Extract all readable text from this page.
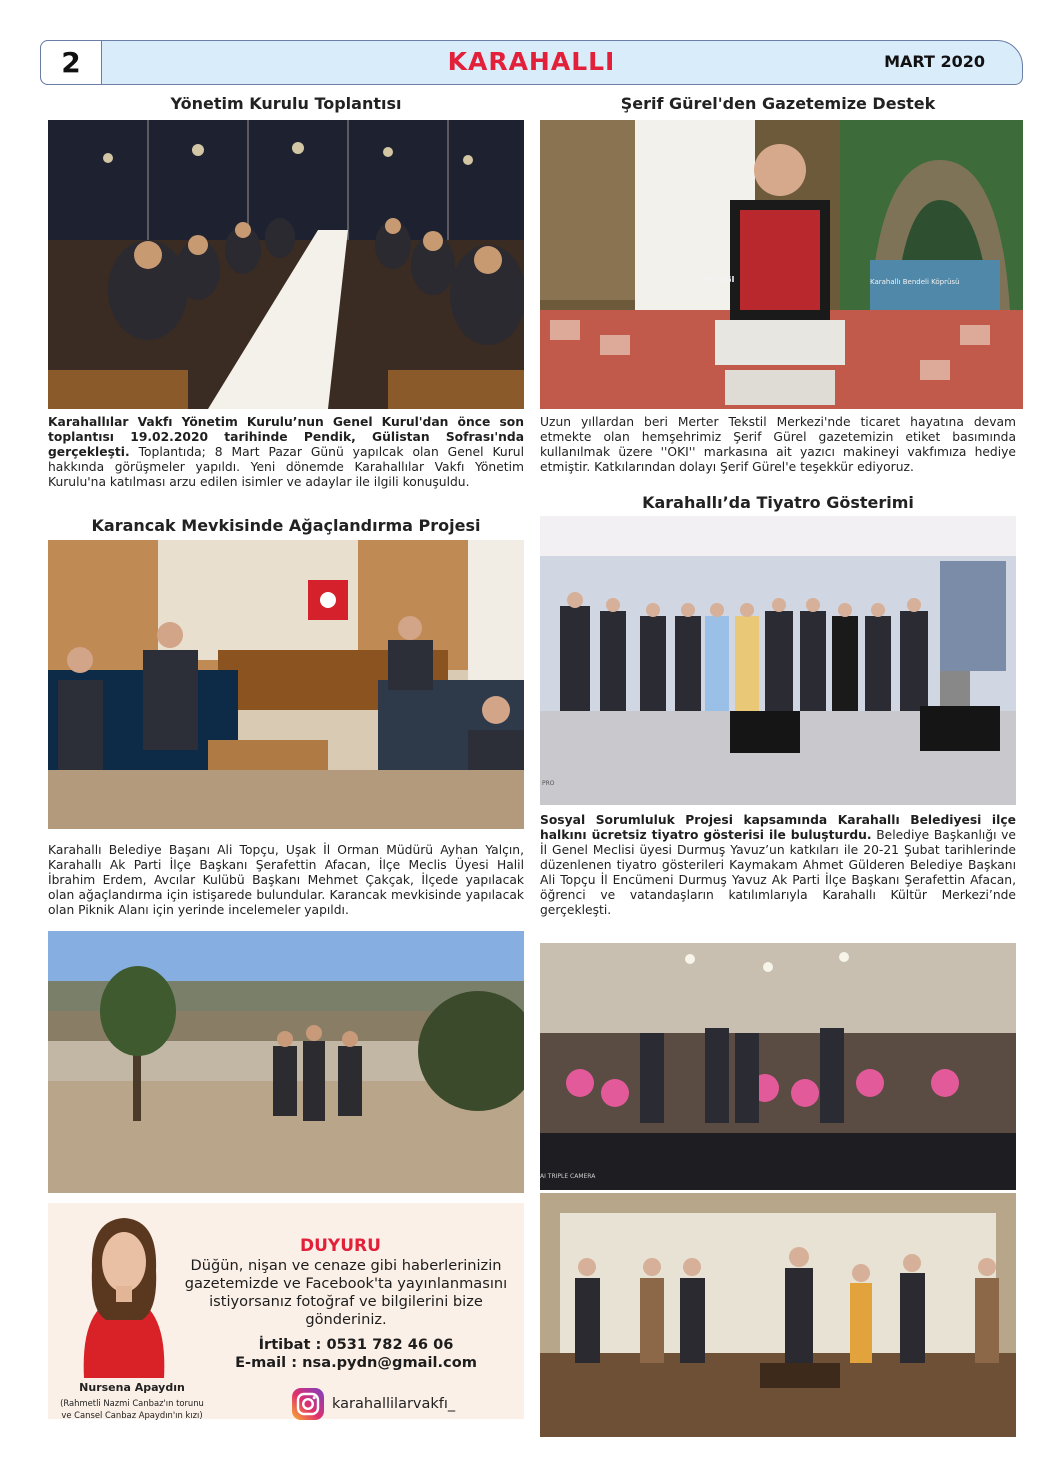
2	KARAHALLI	MART 2020
Yönetim Kurulu Toplantısı
Karahallılar Vakfı Yönetim Kurulu’nun Genel Kurul'dan önce son toplantısı 19.02.2020 tarihinde Pendik, Gülistan Sofrası'nda gerçekleşti. Toplantıda; 8 Mart Pazar Günü yapılcak olan Genel Kurul hakkında görüşmeler yapıldı. Yeni dönemde Karahallılar Vakfı Yönetim Kurulu'na katılması arzu edilen isimler ve adaylar ile ilgili konuşuldu.
Şerif Gürel'den Gazetemize Destek
AYISIĞI	Karahallı Bendeli Köprüsü
Uzun yıllardan beri Merter Tekstil Merkezi'nde ticaret hayatına devam etmekte olan hemşehrimiz Şerif Gürel gazetemizin etiket basımında kullanılmak üzere ''OKI'' markasına ait yazıcı makineyi vakfımıza hediye etmiştir. Katkılarından dolayı Şerif Gürel'e teşekkür ediyoruz.
Karahallı’da Tiyatro Gösterimi
PRO
Sosyal Sorumluluk Projesi kapsamında Karahallı Belediyesi ilçe halkını ücretsiz tiyatro gösterisi ile buluşturdu. Belediye Başkanlığı ve İl Genel Meclisi üyesi Durmuş Yavuz’un katkıları ile 20-21 Şubat tarihlerinde düzenlenen tiyatro gösterileri Kaymakam Ahmet Gülderen Belediye Başkanı Ali Topçu İl Encümeni Durmuş Yavuz Ak Parti İlçe Başkanı Şerafettin Afacan, öğrenci ve vatandaşların katılımlarıyla Karahallı Kültür Merkezi’nde gerçekleşti.
Karancak Mevkisinde Ağaçlandırma Projesi
Karahallı Belediye Başanı Ali Topçu, Uşak İl Orman Müdürü Ayhan Yalçın, Karahallı Ak Parti İlçe Başkanı Şerafettin Afacan, İlçe Meclis Üyesi Halil İbrahim Erdem, Avcılar Kulübü Başkanı Mehmet Çakçak, İlçede yapılacak olan ağaçlandırma için istişarede bulundular. Karancak mevkisinde yapılacak olan Piknik Alanı için yerinde incelemeler yapıldı.
AI TRIPLE CAMERA
Nursena Apaydın
(Rahmetli Nazmi Canbaz'ın torunu
ve Cansel Canbaz Apaydın'ın kızı)
DUYURU
Düğün, nişan ve cenaze gibi haberlerinizin
gazetemizde ve Facebook'ta yayınlanmasını
istiyorsanız fotoğraf ve bilgilerini bize
gönderiniz.
İrtibat : 0531 782 46 06
E-mail : nsa.pydn@gmail.com
karahallilarvakfı_
